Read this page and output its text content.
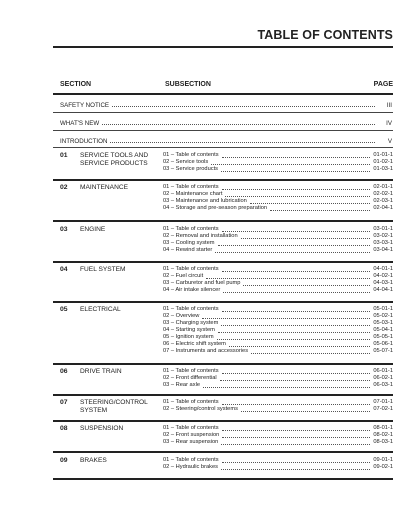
TABLE OF CONTENTS
SECTION	SUBSECTION	PAGE
SAFETY NOTICE	III
WHAT'S NEW	IV
INTRODUCTION	V
01 SERVICE TOOLS AND SERVICE PRODUCTS
01 – Table of contents	01-01-1
02 – Service tools	01-02-1
03 – Service products	01-03-1
02 MAINTENANCE	01 – Table of contents	02-01-1
02 – Maintenance chart	02-02-1
03 – Maintenance and lubrication	02-03-1
04 – Storage and pre-season preparation	02-04-1
03 ENGINE	01 – Table of contents	03-01-1
02 – Removal and installation	03-02-1
03 – Cooling system	03-03-1
04 – Rewind starter	03-04-1
04 FUEL SYSTEM	01 – Table of contents	04-01-1
02 – Fuel circuit	04-02-1
03 – Carburetor and fuel pump	04-03-1
04 – Air intake silencer	04-04-1
05 ELECTRICAL	01 – Table of contents	05-01-1
02 – Overview	05-02-1
03 – Charging system	05-03-1
04 – Starting system	05-04-1
05 – Ignition system	05-05-1
06 – Electric shift system	05-06-1
07 – Instruments and accessories	05-07-1
06 DRIVE TRAIN	01 – Table of contents	06-01-1
02 – Front differential	06-02-1
03 – Rear axle	06-03-1
07 STEERING/CONTROL SYSTEM
01 – Table of contents	07-01-1
02 – Steering/control systems	07-02-1
08 SUSPENSION	01 – Table of contents	08-01-1
02 – Front suspension	08-02-1
03 – Rear suspension	08-03-1
09 BRAKES	01 – Table of contents	09-01-1
02 – Hydraulic brakes	09-02-1
